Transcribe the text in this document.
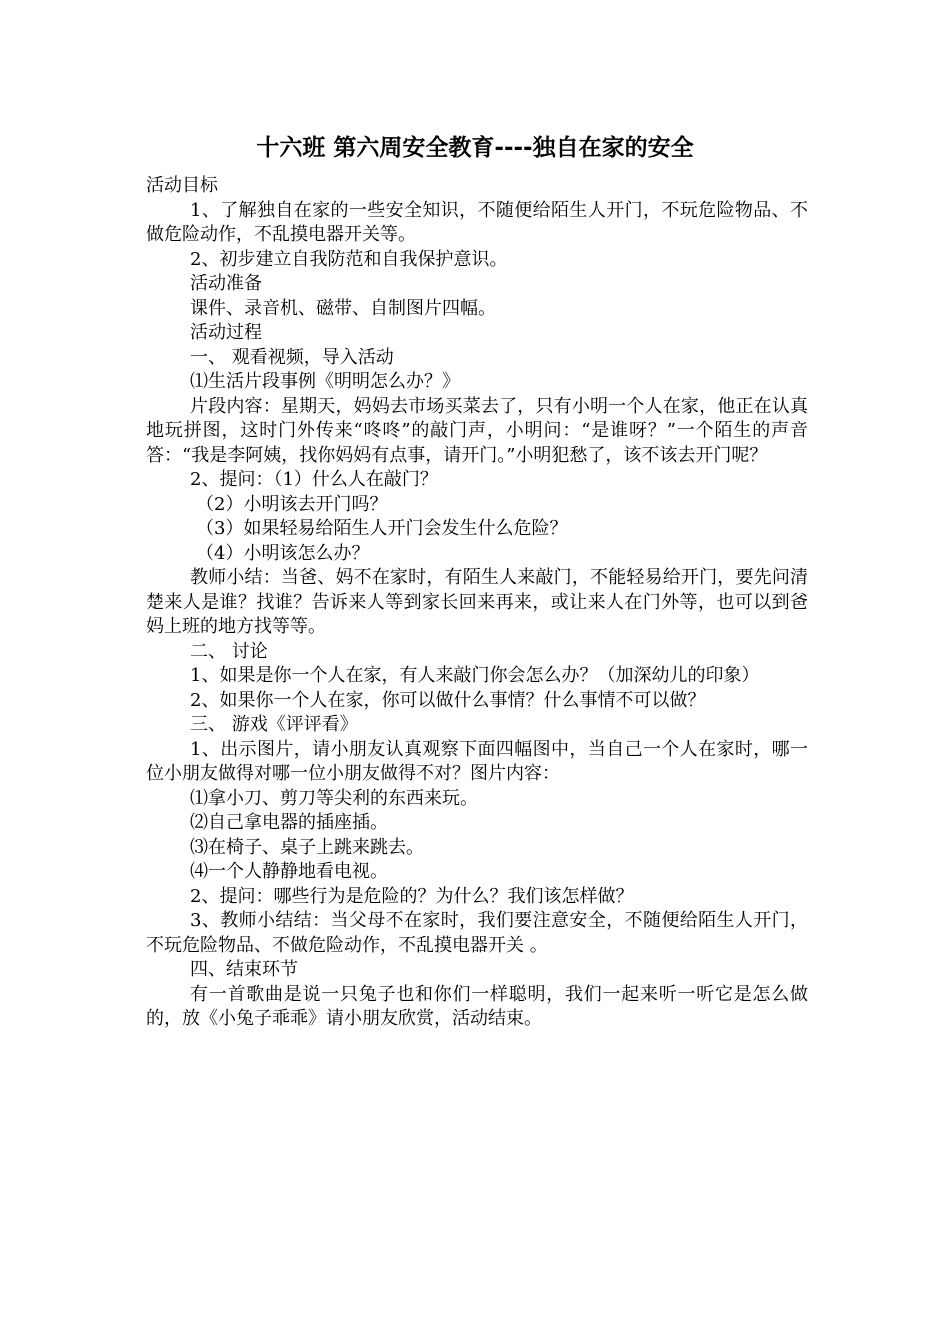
十六班 第六周安全教育----独自在家的安全

活动目标

1、了解独自在家的一些安全知识，不随便给陌生人开门，不玩危险物品、不做危险动作，不乱摸电器开关等。

2、初步建立自我防范和自我保护意识。

活动准备

课件、录音机、磁带、自制图片四幅。

活动过程

一、 观看视频，导入活动

⑴生活片段事例《明明怎么办？》

片段内容：星期天，妈妈去市场买菜去了，只有小明一个人在家，他正在认真地玩拼图，这时门外传来“咚咚”的敲门声，小明问：“是谁呀？”一个陌生的声音答：“我是李阿姨，找你妈妈有点事，请开门。”小明犯愁了，该不该去开门呢？

2、提问：（1）什么人在敲门？

（2）小明该去开门吗？

（3）如果轻易给陌生人开门会发生什么危险？

（4）小明该怎么办？

教师小结：当爸、妈不在家时，有陌生人来敲门，不能轻易给开门，要先问清楚来人是谁？找谁？告诉来人等到家长回来再来，或让来人在门外等，也可以到爸妈上班的地方找等等。

二、 讨论

1、如果是你一个人在家，有人来敲门你会怎么办？（加深幼儿的印象）

2、如果你一个人在家，你可以做什么事情？什么事情不可以做？

三、 游戏《评评看》

1、出示图片，请小朋友认真观察下面四幅图中，当自己一个人在家时，哪一位小朋友做得对哪一位小朋友做得不对？图片内容：

⑴拿小刀、剪刀等尖利的东西来玩。

⑵自己拿电器的插座插。

⑶在椅子、桌子上跳来跳去。

⑷一个人静静地看电视。

2、提问：哪些行为是危险的？为什么？我们该怎样做？

3、教师小结结：当父母不在家时，我们要注意安全，不随便给陌生人开门，不玩危险物品、不做危险动作，不乱摸电器开关 。

四、结束环节

有一首歌曲是说一只兔子也和你们一样聪明，我们一起来听一听它是怎么做的，放《小兔子乖乖》请小朋友欣赏，活动结束。
